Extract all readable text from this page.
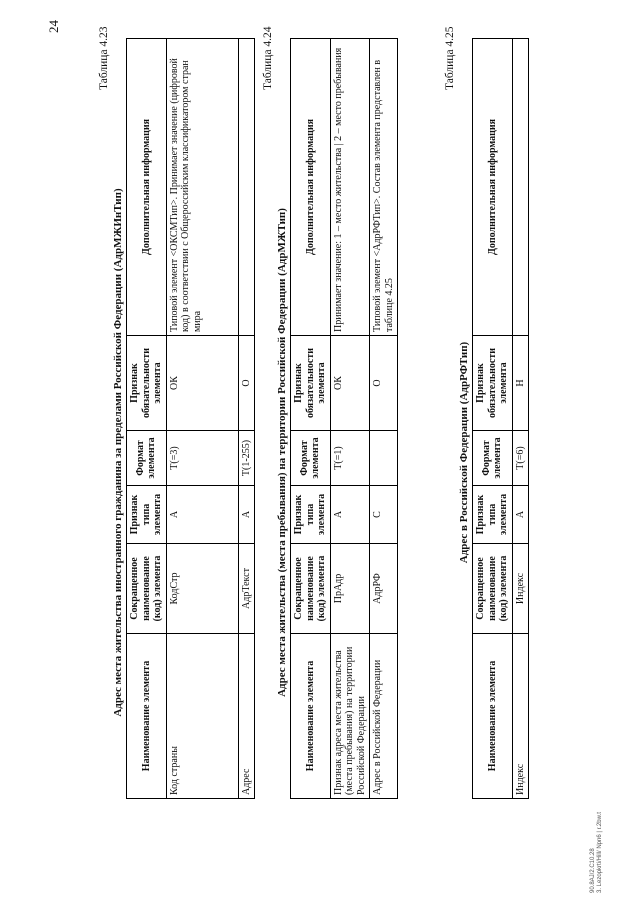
24	Таблица 4.23
Адрес места жительства иностранного гражданина за пределами Российской Федерации (АдрМЖИнТип) Наименование элемента	Сокращенное наименование (код) элемента	Признак типа элемента	Формат элемента	Признак обязательности элемента	Дополнительная информация
Код страны	КодСтр	А	T(=3)	ОК	Типовой элемент <ОКСМТип>. Принимает значение (цифровой код) в соответствии с Общероссийским классификатором стран мира
Адрес	АдрТекст	А	T(1-255)	О	
Таблица 4.24
Адрес места жительства (места пребывания) на территории Российской Федерации (АдрМЖТип)
Наименование элемента	Сокращенное наименование (код) элемента	Признак типа элемента	Формат элемента	Признак обязательности элемента	Дополнительная информация
Признак адреса места жительства (места пребывания) на территории Российской Федерации	ПрАдр	А	T(=1)	ОК	Принимает значение: 1 – место жительства | 2 – место пребывания
Адрес в Российской Федерации	АдрРФ	С		О	Типовой элемент <АдрРФТип>. Состав элемента представлен в таблице 4.25
Таблица 4.25
Адрес в Российской Федерации (АдрРФТип)
Наименование элемента	Сокращенное наименование (код) элемента	Признак типа элемента	Формат элемента	Признак обязательности элемента	Дополнительная информация
Индекс	Индекс	А	T(=6)	Н	
90.8AJ/2.C10.28 3. Lezopkrti/Hill/ Npn6 | r.2bw.t
